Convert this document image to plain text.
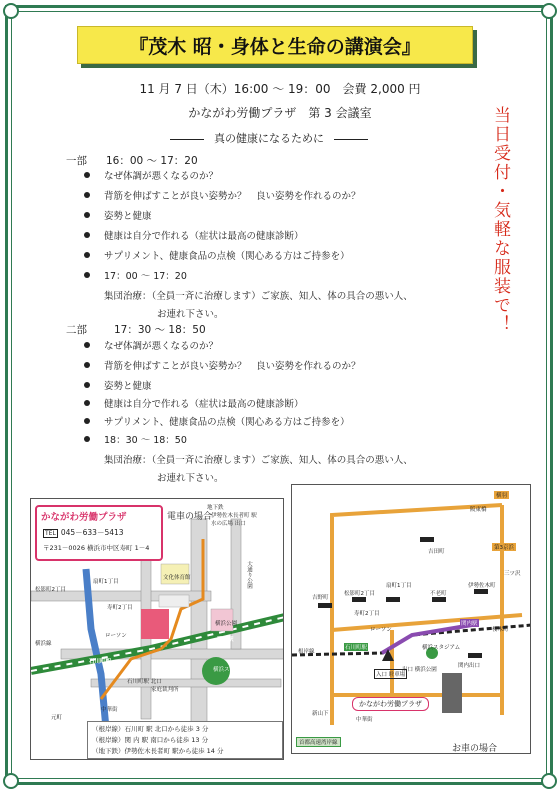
『茂木 昭・身体と生命の講演会』
11 月 7 日（木）16:00 ～ 19：00　会費 2,000 円
かながわ労働プラザ　第 3 会議室
真の健康になるために	当日受付・気軽な服装で！
一部 16：00 ～ 17：20
なぜ体調が悪くなるのか？
背筋を伸ばすことが良い姿勢か？　良い姿勢を作れるのか？
姿勢と健康
健康は自分で作れる（症状は最高の健康診断）
サプリメント、健康食品の点検（関心ある方はご持参を）
17：00 ～ 17：20
集団治療：（全員一斉に治療します）ご家族、知人、体の具合の悪い人、
お連れ下さい。
二部	17：30 ～ 18：50
なぜ体調が悪くなるのか？
背筋を伸ばすことが良い姿勢か？　良い姿勢を作れるのか？
姿勢と健康
健康は自分で作れる（症状は最高の健康診断）
サプリメント、健康食品の点検（関心ある方はご持参を）
18：30 ～ 18：50
集団治療：（全員一斉に治療します）ご家族、知人、体の具合の悪い人、
お連れ下さい。
かながわ労働プラザ
TEL 045－633－5413
〒231－0026 横浜市中区寿町 1－4
電車の場合
地下鉄
伊勢佐木長者町 駅
水の広場 出口
大通り公園
松影町2丁目
扇町1丁目
寿町2丁目
ローソン
文化体育館
関内駅
石川町駅
横浜スタジアム
石川町駅 北口
家庭裁判所
中華街
元町
横浜公園
横浜線
（根岸線）石川町 駅 北口から徒歩 3 分
（根岸線）関 内 駅 南口から徒歩 13 分
（地下鉄）伊勢佐木長者町 駅から徒歩 14 分
横羽
阪東橋
第3京浜
吉田町
三ツ沢
吉野町
松影町2丁目
扇町1丁目
寿町2丁目
不老町
伊勢佐木町
桜木町
関内駅
根岸線
石川町駅
ローソン
横浜スタジアム
関内出口
入口 駐車場
出口 横浜公園
新山下
中華街
かながわ労働プラザ
首都高速湾岸線
お車の場合
